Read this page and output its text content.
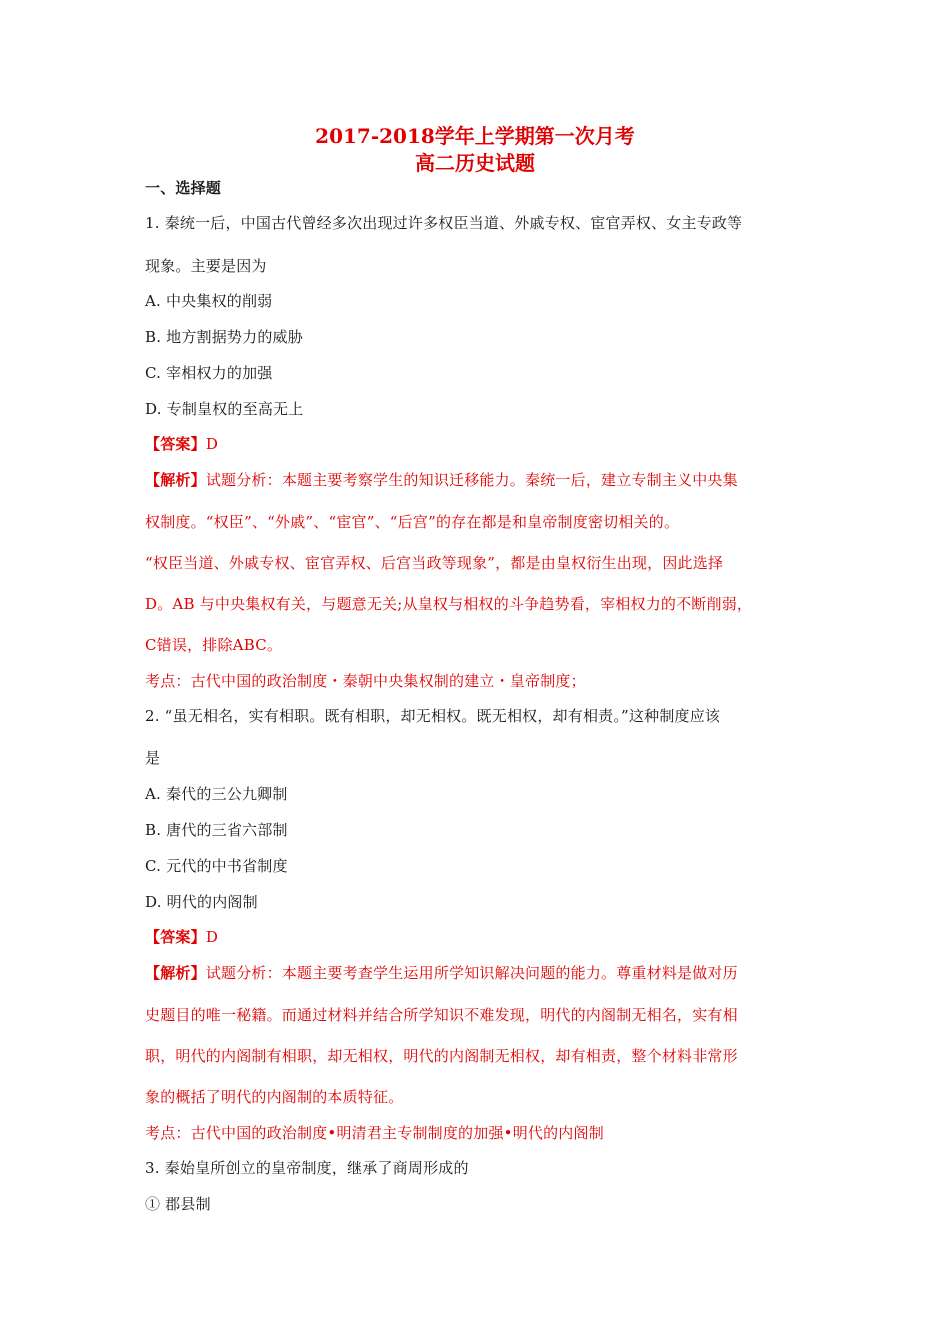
2017-2018学年上学期第一次月考
高二历史试题
一、选择题
1. 秦统一后，中国古代曾经多次出现过许多权臣当道、外戚专权、宦官弄权、女主专政等
现象。主要是因为
A. 中央集权的削弱
B. 地方割据势力的威胁
C. 宰相权力的加强
D. 专制皇权的至高无上
【答案】D
【解析】试题分析：本题主要考察学生的知识迁移能力。秦统一后，建立专制主义中央集
权制度。“权臣”、“外戚”、“宦官”、“后宫”的存在都是和皇帝制度密切相关的。
“权臣当道、外戚专权、宦官弄权、后宫当政等现象”，都是由皇权衍生出现，因此选择
D。AB 与中央集权有关，与题意无关;从皇权与相权的斗争趋势看，宰相权力的不断削弱，
C错误，排除ABC。
考点：古代中国的政治制度・秦朝中央集权制的建立・皇帝制度；
2. “虽无相名，实有相职。既有相职，却无相权。既无相权，却有相责。”这种制度应该
是
A. 秦代的三公九卿制
B. 唐代的三省六部制
C. 元代的中书省制度
D. 明代的内阁制
【答案】D
【解析】试题分析：本题主要考查学生运用所学知识解决问题的能力。尊重材料是做对历
史题目的唯一秘籍。而通过材料并结合所学知识不难发现，明代的内阁制无相名，实有相
职，明代的内阁制有相职，却无相权，明代的内阁制无相权，却有相责，整个材料非常形
象的概括了明代的内阁制的本质特征。
考点：古代中国的政治制度•明清君主专制制度的加强•明代的内阁制
3. 秦始皇所创立的皇帝制度，继承了商周形成的
① 郡县制
